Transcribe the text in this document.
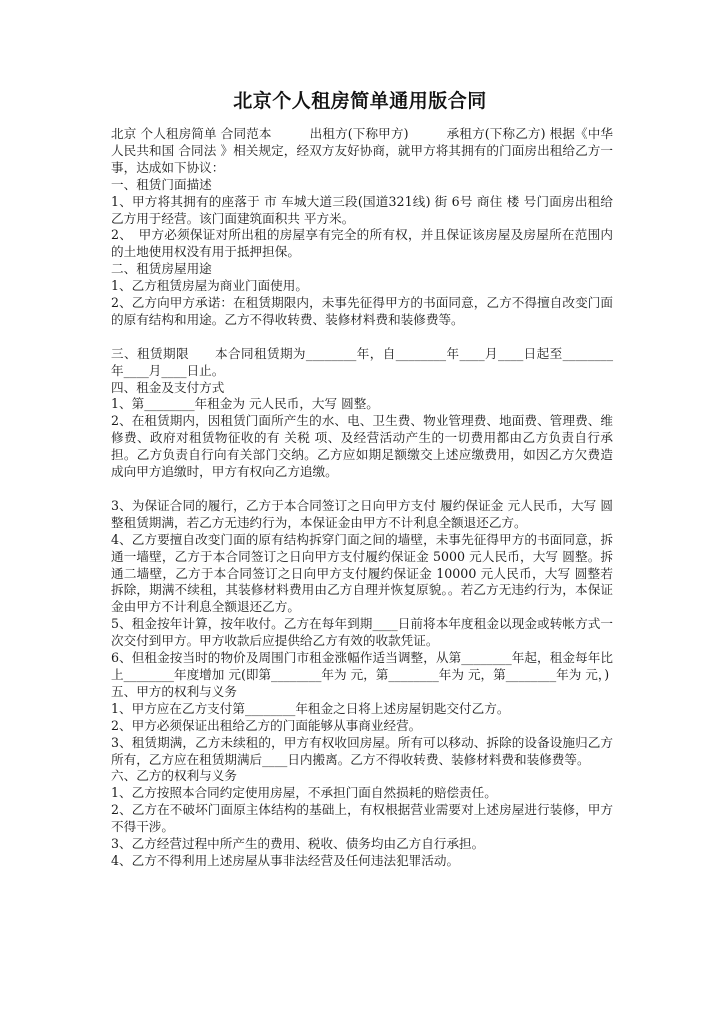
北京个人租房简单通用版合同

北京 个人租房简单 合同范本　　　出租方(下称甲方)　　　承租方(下称乙方) 根据《中华人民共和国 合同法 》相关规定，经双方友好协商，就甲方将其拥有的门面房出租给乙方一事，达成如下协议：

一、租赁门面描述

1、甲方将其拥有的座落于 市 车城大道三段(国道321线) 街 6号 商住 楼 号门面房出租给乙方用于经营。该门面建筑面积共 平方米。

2、　甲方必须保证对所出租的房屋享有完全的所有权，并且保证该房屋及房屋所在范围内的土地使用权没有用于抵押担保。

二、租赁房屋用途

1、乙方租赁房屋为商业门面使用。

2、乙方向甲方承诺：在租赁期限内，未事先征得甲方的书面同意，乙方不得擅自改变门面的原有结构和用途。乙方不得收转费、装修材料费和装修费等。

三、租赁期限　　本合同租赁期为________年，自________年____月____日起至________年____月____日止。

四、租金及支付方式

1、第________年租金为 元人民币，大写 圆整。

2、在租赁期内，因租赁门面所产生的水、电、卫生费、物业管理费、地面费、管理费、维修费、政府对租赁物征收的有 关税 项、及经营活动产生的一切费用都由乙方负责自行承担。乙方负责自行向有关部门交纳。乙方应如期足额缴交上述应缴费用，如因乙方欠费造成向甲方追缴时，甲方有权向乙方追缴。

3、为保证合同的履行，乙方于本合同签订之日向甲方支付 履约保证金 元人民币，大写 圆整租赁期满，若乙方无违约行为，本保证金由甲方不计利息全额退还乙方。

4、乙方要擅自改变门面的原有结构拆穿门面之间的墙壁，未事先征得甲方的书面同意，拆通一墙壁，乙方于本合同签订之日向甲方支付履约保证金 5000 元人民币，大写 圆整。拆通二墙壁，乙方于本合同签订之日向甲方支付履约保证金 10000 元人民币，大写 圆整若拆除，期满不续租，其装修材料费用由乙方自理并恢复原貌。。若乙方无违约行为，本保证金由甲方不计利息全额退还乙方。

5、租金按年计算，按年收付。乙方在每年到期____日前将本年度租金以现金或转帐方式一次交付到甲方。甲方收款后应提供给乙方有效的收款凭证。

6、但租金按当时的物价及周围门市租金涨幅作适当调整，从第________年起，租金每年比上________年度增加 元(即第________年为 元，第________年为 元，第________年为 元，)

五、甲方的权利与义务

1、甲方应在乙方支付第________年租金之日将上述房屋钥匙交付乙方。

2、甲方必须保证出租给乙方的门面能够从事商业经营。

3、租赁期满，乙方未续租的，甲方有权收回房屋。所有可以移动、拆除的设备设施归乙方所有，乙方应在租赁期满后____日内搬离。乙方不得收转费、装修材料费和装修费等。

六、乙方的权利与义务

1、乙方按照本合同约定使用房屋，不承担门面自然损耗的赔偿责任。

2、乙方在不破坏门面原主体结构的基础上，有权根据营业需要对上述房屋进行装修，甲方不得干涉。

3、乙方经营过程中所产生的费用、税收、债务均由乙方自行承担。

4、乙方不得利用上述房屋从事非法经营及任何违法犯罪活动。
